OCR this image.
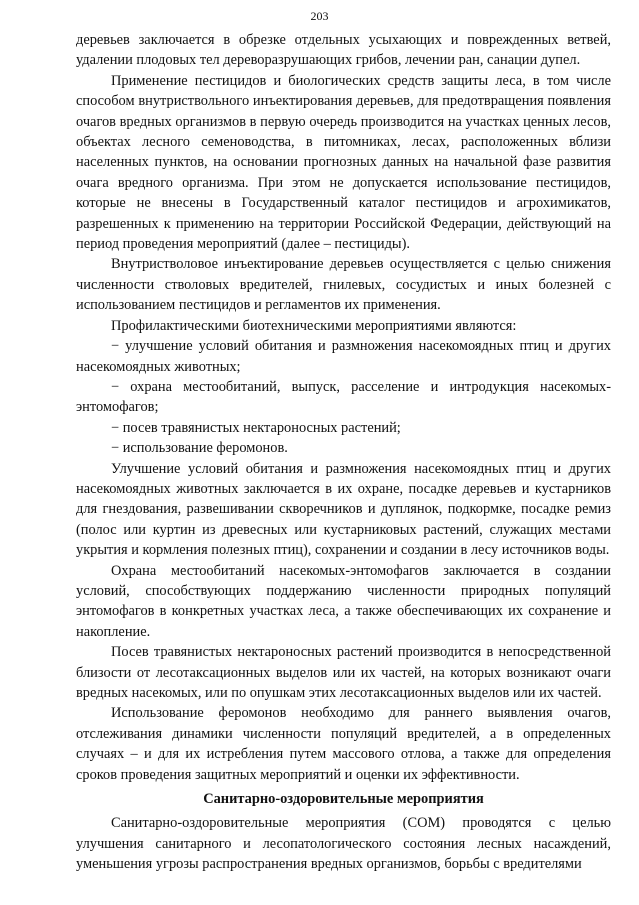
203

деревьев заключается в обрезке отдельных усыхающих и поврежденных ветвей, удалении плодовых тел дереворазрушающих грибов, лечении ран, санации дупел.

Применение пестицидов и биологических средств защиты леса, в том числе способом внутриствольного инъектирования деревьев, для предотвращения появления очагов вредных организмов в первую очередь производится на участках ценных лесов, объектах лесного семеноводства, в питомниках, лесах, расположенных вблизи населенных пунктов, на основании прогнозных данных на начальной фазе развития очага вредного организма. При этом не допускается использование пестицидов, которые не внесены в Государственный каталог пестицидов и агрохимикатов, разрешенных к применению на территории Российской Федерации, действующий на период проведения мероприятий (далее – пестициды).

Внутристволовое инъектирование деревьев осуществляется с целью снижения численности стволовых вредителей, гнилевых, сосудистых и иных болезней с использованием пестицидов и регламентов их применения.

Профилактическими биотехническими мероприятиями являются:

− улучшение условий обитания и размножения насекомоядных птиц и других насекомоядных животных;

− охрана местообитаний, выпуск, расселение и интродукция насекомых-энтомофагов;

− посев травянистых нектароносных растений;

− использование феромонов.

Улучшение условий обитания и размножения насекомоядных птиц и других насекомоядных животных заключается в их охране, посадке деревьев и кустарников для гнездования, развешивании скворечников и дуплянок, подкормке, посадке ремиз (полос или куртин из древесных или кустарниковых растений, служащих местами укрытия и кормления полезных птиц), сохранении и создании в лесу источников воды.

Охрана местообитаний насекомых-энтомофагов заключается в создании условий, способствующих поддержанию численности природных популяций энтомофагов в конкретных участках леса, а также обеспечивающих их сохранение и накопление.

Посев травянистых нектароносных растений производится в непосредственной близости от лесотаксационных выделов или их частей, на которых возникают очаги вредных насекомых, или по опушкам этих лесотаксационных выделов или их частей.

Использование феромонов необходимо для раннего выявления очагов, отслеживания динамики численности популяций вредителей, а в определенных случаях – и для их истребления путем массового отлова, а также для определения сроков проведения защитных мероприятий и оценки их эффективности.

Санитарно-оздоровительные мероприятия

Санитарно-оздоровительные мероприятия (СОМ) проводятся с целью улучшения санитарного и лесопатологического состояния лесных насаждений, уменьшения угрозы распространения вредных организмов, борьбы с вредителями
